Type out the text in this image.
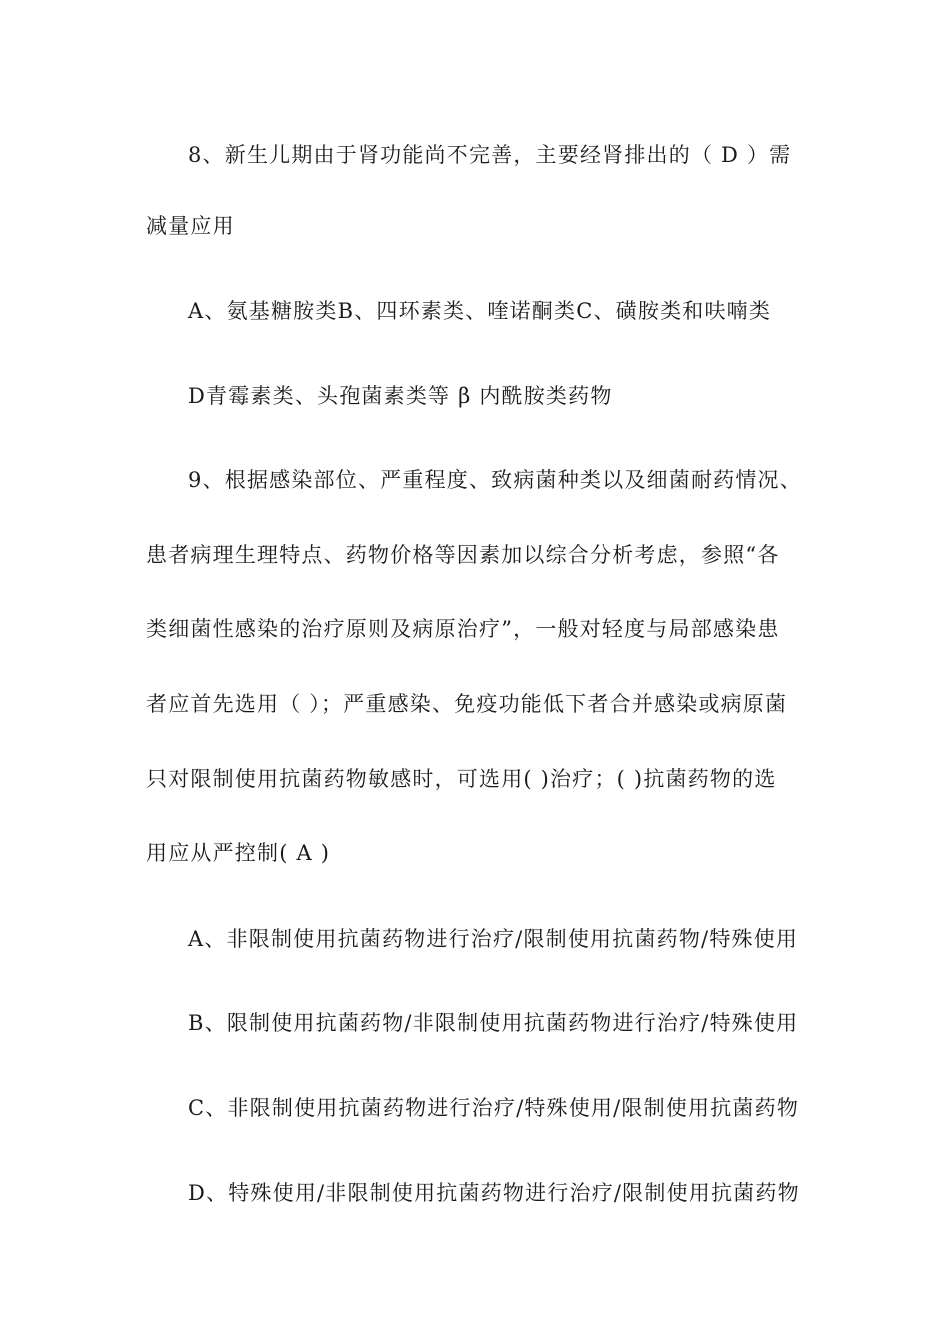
8、新生儿期由于肾功能尚不完善，主要经肾排出的（ D ）需
减量应用
A、氨基糖胺类B、四环素类、喹诺酮类C、磺胺类和呋喃类
D青霉素类、头孢菌素类等 β 内酰胺类药物
9、根据感染部位、严重程度、致病菌种类以及细菌耐药情况、
患者病理生理特点、药物价格等因素加以综合分析考虑，参照“各
类细菌性感染的治疗原则及病原治疗”，一般对轻度与局部感染患
者应首先选用（ ）；严重感染、免疫功能低下者合并感染或病原菌
只对限制使用抗菌药物敏感时，可选用( )治疗；( )抗菌药物的选
用应从严控制( A )
A、非限制使用抗菌药物进行治疗/限制使用抗菌药物/特殊使用
B、限制使用抗菌药物/非限制使用抗菌药物进行治疗/特殊使用
C、非限制使用抗菌药物进行治疗/特殊使用/限制使用抗菌药物
D、特殊使用/非限制使用抗菌药物进行治疗/限制使用抗菌药物
